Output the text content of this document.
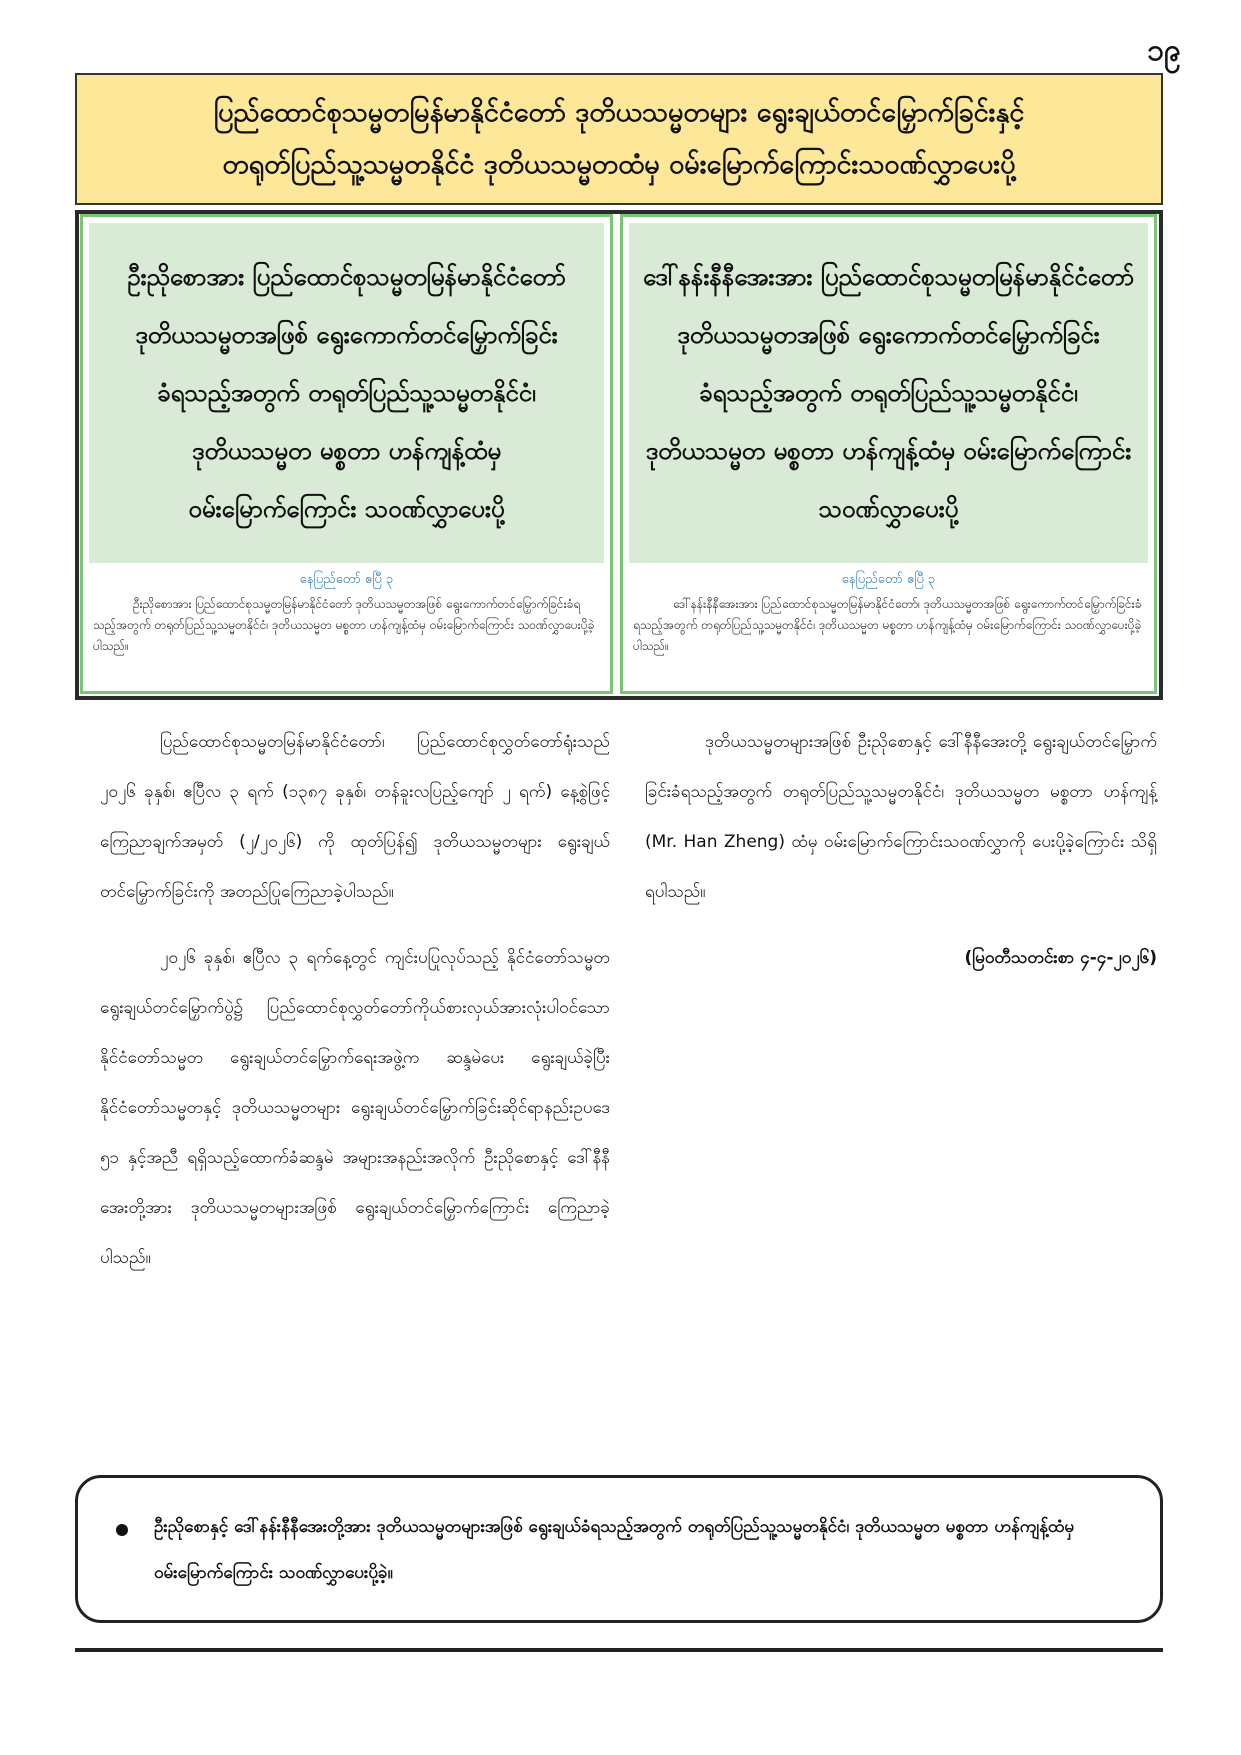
၁၉
ပြည်ထောင်စုသမ္မတမြန်မာနိုင်ငံတော် ဒုတိယသမ္မတများ ရွေးချယ်တင်မြှောက်ခြင်းနှင့်
တရုတ်ပြည်သူ့သမ္မတနိုင်ငံ ဒုတိယသမ္မတထံမှ ဝမ်းမြောက်ကြောင်းသဝဏ်လွှာပေးပို့
ဦးညိုစောအား ပြည်ထောင်စုသမ္မတမြန်မာနိုင်ငံတော်
ဒုတိယသမ္မတအဖြစ် ရွေးကောက်တင်မြှောက်ခြင်း
ခံရသည့်အတွက် တရုတ်ပြည်သူ့သမ္မတနိုင်ငံ၊
ဒုတိယသမ္မတ မစ္စတာ ဟန်ကျန့်ထံမှ
ဝမ်းမြောက်ကြောင်း သဝဏ်လွှာပေးပို့
နေပြည်တော် ဧပြီ ၃
ဦးညိုစောအား ပြည်ထောင်စုသမ္မတမြန်မာနိုင်ငံတော် ဒုတိယသမ္မတအဖြစ် ရွေးကောက်တင်မြှောက်ခြင်းခံရသည့်အတွက် တရုတ်ပြည်သူ့သမ္မတနိုင်ငံ၊ ဒုတိယသမ္မတ မစ္စတာ ဟန်ကျန့်ထံမှ ဝမ်းမြောက်ကြောင်း သဝဏ်လွှာပေးပို့ခဲ့ပါသည်။
ဒေါ်နန်းနီနီအေးအား ပြည်ထောင်စုသမ္မတမြန်မာနိုင်ငံတော်
ဒုတိယသမ္မတအဖြစ် ရွေးကောက်တင်မြှောက်ခြင်း
ခံရသည့်အတွက် တရုတ်ပြည်သူ့သမ္မတနိုင်ငံ၊
ဒုတိယသမ္မတ မစ္စတာ ဟန်ကျန့်ထံမှ ဝမ်းမြောက်ကြောင်း
သဝဏ်လွှာပေးပို့
နေပြည်တော် ဧပြီ ၃
ဒေါ်နန်းနီနီအေးအား ပြည်ထောင်စုသမ္မတမြန်မာနိုင်ငံတော်၊ ဒုတိယသမ္မတအဖြစ် ရွေးကောက်တင်မြှောက်ခြင်းခံရသည့်အတွက် တရုတ်ပြည်သူ့သမ္မတနိုင်ငံ၊ ဒုတိယသမ္မတ မစ္စတာ ဟန်ကျန့်ထံမှ ဝမ်းမြောက်ကြောင်း သဝဏ်လွှာပေးပို့ခဲ့ပါသည်။

ပြည်ထောင်စုသမ္မတမြန်မာနိုင်ငံတော်၊ ပြည်ထောင်စုလွှတ်တော်ရုံးသည် ၂၀၂၆ ခုနှစ်၊ ဧပြီလ ၃ ရက် (၁၃၈၇ ခုနှစ်၊ တန်ခူးလပြည့်ကျော် ၂ ရက်) နေ့စွဲဖြင့် ကြေညာချက်အမှတ် (၂/၂၀၂၆) ကို ထုတ်ပြန်၍ ဒုတိယသမ္မတများ ရွေးချယ်တင်မြှောက်ခြင်းကို အတည်ပြုကြေညာခဲ့ပါသည်။

၂၀၂၆ ခုနှစ်၊ ဧပြီလ ၃ ရက်နေ့တွင် ကျင်းပပြုလုပ်သည့် နိုင်ငံတော်သမ္မတ ရွေးချယ်တင်မြှောက်ပွဲ၌ ပြည်ထောင်စုလွှတ်တော်ကိုယ်စားလှယ်အားလုံးပါဝင်သော နိုင်ငံတော်သမ္မတ ရွေးချယ်တင်မြှောက်ရေးအဖွဲ့က ဆန္ဒမဲပေး ရွေးချယ်ခဲ့ပြီး နိုင်ငံတော်သမ္မတနှင့် ဒုတိယသမ္မတများ ရွေးချယ်တင်မြှောက်ခြင်းဆိုင်ရာနည်းဥပဒေ ၅၁ နှင့်အညီ ရရှိသည့်ထောက်ခံဆန္ဒမဲ အများအနည်းအလိုက် ဦးညိုစောနှင့် ဒေါ်နီနီအေးတို့အား ဒုတိယသမ္မတများအဖြစ် ရွေးချယ်တင်မြှောက်ကြောင်း ကြေညာခဲ့ပါသည်။

ဒုတိယသမ္မတများအဖြစ် ဦးညိုစောနှင့် ဒေါ်နီနီအေးတို့ ရွေးချယ်တင်မြှောက်ခြင်းခံရသည့်အတွက် တရုတ်ပြည်သူ့သမ္မတနိုင်ငံ၊ ဒုတိယသမ္မတ မစ္စတာ ဟန်ကျန့် (Mr. Han Zheng) ထံမှ ဝမ်းမြောက်ကြောင်းသဝဏ်လွှာကို ပေးပို့ခဲ့ကြောင်း သိရှိရပါသည်။

(မြဝတီသတင်းစာ ၄-၄-၂၀၂၆)
ဦးညိုစောနှင့် ဒေါ်နန်းနီနီအေးတို့အား ဒုတိယသမ္မတများအဖြစ် ရွေးချယ်ခံရသည့်အတွက် တရုတ်ပြည်သူ့သမ္မတနိုင်ငံ၊ ဒုတိယသမ္မတ မစ္စတာ ဟန်ကျန့်ထံမှ ဝမ်းမြောက်ကြောင်း သဝဏ်လွှာပေးပို့ခဲ့။
